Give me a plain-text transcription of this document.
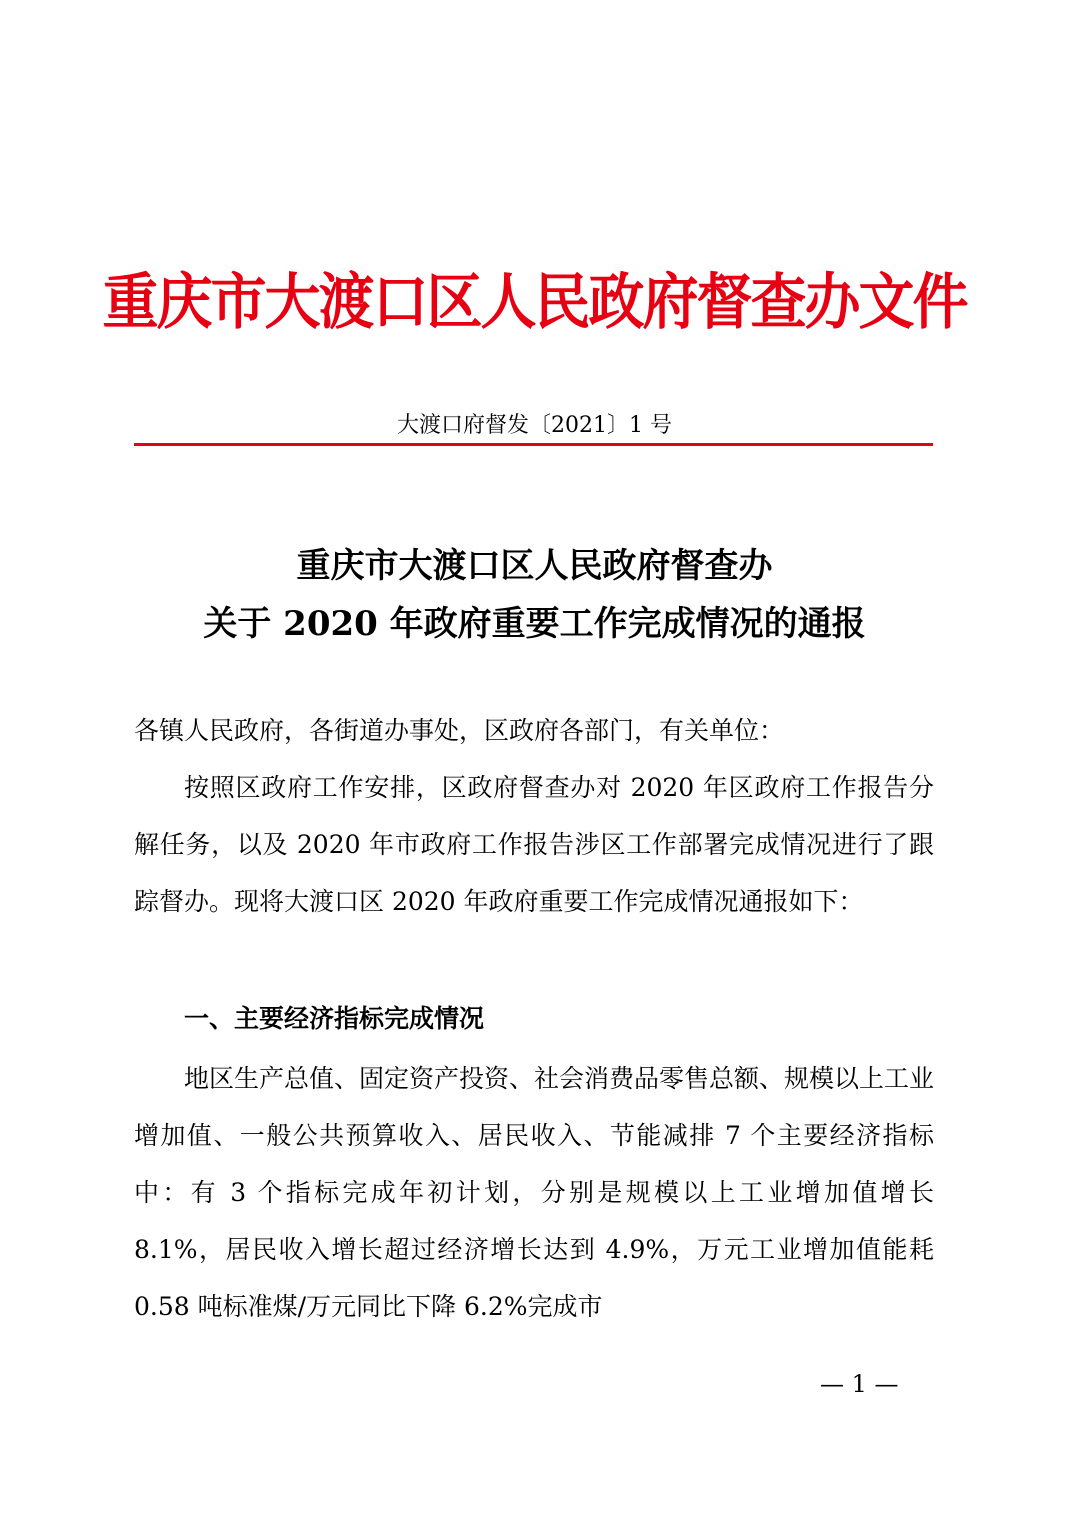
重庆市大渡口区人民政府督查办文件
大渡口府督发〔2021〕1 号
重庆市大渡口区人民政府督查办
关于 2020 年政府重要工作完成情况的通报
各镇人民政府，各街道办事处，区政府各部门，有关单位：
按照区政府工作安排，区政府督查办对 2020 年区政府工作报告分解任务，以及 2020 年市政府工作报告涉区工作部署完成情况进行了跟踪督办。现将大渡口区 2020 年政府重要工作完成情况通报如下：
一、主要经济指标完成情况
地区生产总值、固定资产投资、社会消费品零售总额、规模以上工业增加值、一般公共预算收入、居民收入、节能减排 7 个主要经济指标中：有 3 个指标完成年初计划，分别是规模以上工业增加值增长 8.1%，居民收入增长超过经济增长达到 4.9%，万元工业增加值能耗 0.58 吨标准煤/万元同比下降 6.2%完成市
— 1 —
